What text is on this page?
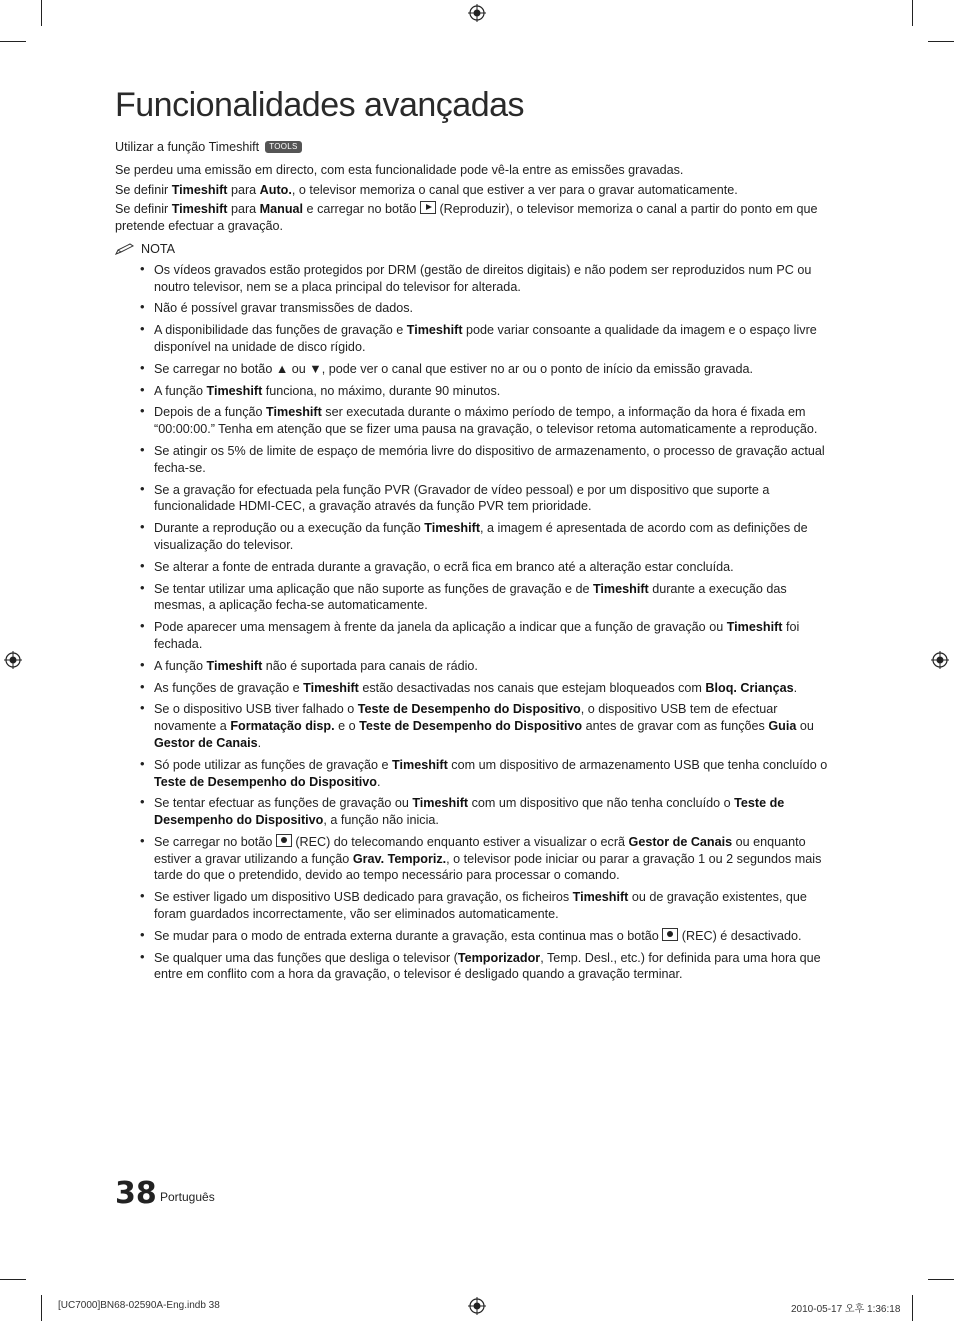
Funcionalidades avançadas
Utilizar a função Timeshift	TOOLS

Se perdeu uma emissão em directo, com esta funcionalidade pode vê-la entre as emissões gravadas.

Se definir Timeshift para Auto., o televisor memoriza o canal que estiver a ver para o gravar automaticamente.

Se definir Timeshift para Manual e carregar no botão  (Reproduzir), o televisor memoriza o canal a partir do ponto em que pretende efectuar a gravação.

NOTA
• Os vídeos gravados estão protegidos por DRM (gestão de direitos digitais) e não podem ser reproduzidos num PC ou noutro televisor, nem se a placa principal do televisor for alterada.
• Não é possível gravar transmissões de dados.
• A disponibilidade das funções de gravação e Timeshift pode variar consoante a qualidade da imagem e o espaço livre disponível na unidade de disco rígido.
• Se carregar no botão ▲ ou ▼, pode ver o canal que estiver no ar ou o ponto de início da emissão gravada.
• A função Timeshift funciona, no máximo, durante 90 minutos.
• Depois de a função Timeshift ser executada durante o máximo período de tempo, a informação da hora é fixada em “00:00:00.” Tenha em atenção que se fizer uma pausa na gravação, o televisor retoma automaticamente a reprodução.
• Se atingir os 5% de limite de espaço de memória livre do dispositivo de armazenamento, o processo de gravação actual fecha-se.
• Se a gravação for efectuada pela função PVR (Gravador de vídeo pessoal) e por um dispositivo que suporte a funcionalidade HDMI-CEC, a gravação através da função PVR tem prioridade.
• Durante a reprodução ou a execução da função Timeshift, a imagem é apresentada de acordo com as definições de visualização do televisor.
• Se alterar a fonte de entrada durante a gravação, o ecrã fica em branco até a alteração estar concluída.
• Se tentar utilizar uma aplicação que não suporte as funções de gravação e de Timeshift durante a execução das mesmas, a aplicação fecha-se automaticamente.
• Pode aparecer uma mensagem à frente da janela da aplicação a indicar que a função de gravação ou Timeshift foi fechada.
• A função Timeshift não é suportada para canais de rádio.
• As funções de gravação e Timeshift estão desactivadas nos canais que estejam bloqueados com Bloq. Crianças.
• Se o dispositivo USB tiver falhado o Teste de Desempenho do Dispositivo, o dispositivo USB tem de efectuar novamente a Formatação disp. e o Teste de Desempenho do Dispositivo antes de gravar com as funções Guia ou Gestor de Canais.
• Só pode utilizar as funções de gravação e Timeshift com um dispositivo de armazenamento USB que tenha concluído o Teste de Desempenho do Dispositivo.
• Se tentar efectuar as funções de gravação ou Timeshift com um dispositivo que não tenha concluído o Teste de Desempenho do Dispositivo, a função não inicia.
• Se carregar no botão  (REC) do telecomando enquanto estiver a visualizar o ecrã Gestor de Canais ou enquanto estiver a gravar utilizando a função Grav. Temporiz., o televisor pode iniciar ou parar a gravação 1 ou 2 segundos mais tarde do que o pretendido, devido ao tempo necessário para processar o comando.
• Se estiver ligado um dispositivo USB dedicado para gravação, os ficheiros Timeshift ou de gravação existentes, que foram guardados incorrectamente, vão ser eliminados automaticamente.
• Se mudar para o modo de entrada externa durante a gravação, esta continua mas o botão  (REC) é desactivado.
• Se qualquer uma das funções que desliga o televisor (Temporizador, Temp. Desl., etc.) for definida para uma hora que entre em conflito com a hora da gravação, o televisor é desligado quando a gravação terminar.
38 Português
[UC7000]BN68-02590A-Eng.indb 38	2010-05-17 오후 1:36:18
